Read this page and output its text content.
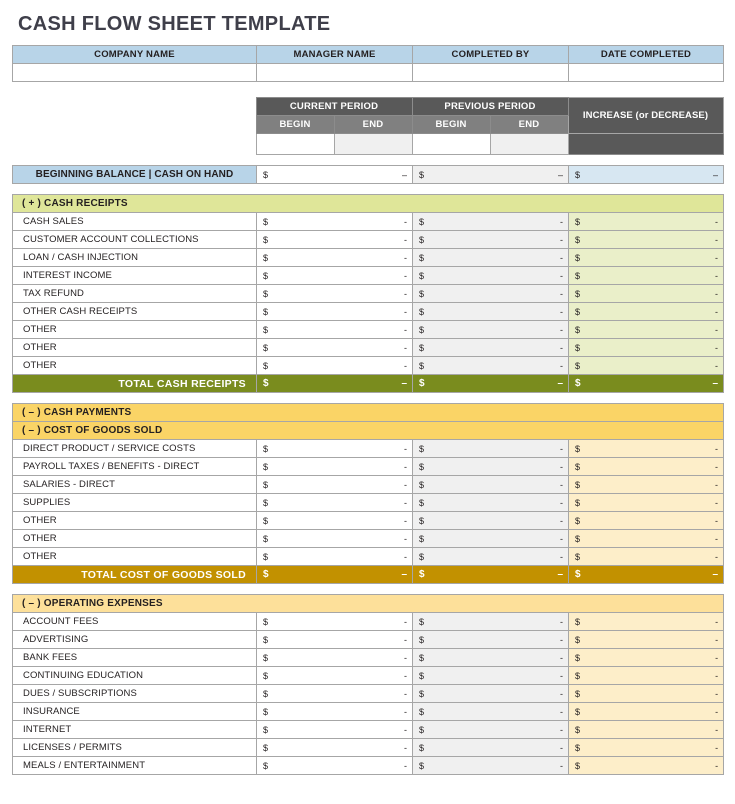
CASH FLOW SHEET TEMPLATE
COMPANY NAME	MANAGER NAME	COMPLETED BY	DATE COMPLETED

	CURRENT PERIOD		PREVIOUS PERIOD		INCREASE (or DECREASE)
	BEGIN	END	BEGIN	END	

BEGINNING BALANCE | CASH ON HAND	$	–	$	–	$	–
( + ) CASH RECEIPTS			
CASH SALES	$ -	$ -	$ -

CUSTOMER ACCOUNT COLLECTIONS	$ -	$ -	$ -

LOAN / CASH INJECTION	$ -	$ -	$ -

INTEREST INCOME	$ -	$ -	$ -

TAX REFUND	$ -	$ -	$ -

OTHER CASH RECEIPTS	$ -	$ -	$ -

OTHER	$ -	$ -	$ -

OTHER	$ -	$ -	$ -

OTHER	$ -	$ -	$ -

TOTAL CASH RECEIPTS	$ –	$ –	$ –
( – ) CASH PAYMENTS			
( – ) COST OF GOODS SOLD			
DIRECT PRODUCT / SERVICE COSTS	$ -	$ -	$ -

PAYROLL TAXES / BENEFITS - DIRECT	$ -	$ -	$ -

SALARIES - DIRECT	$ -	$ -	$ -

SUPPLIES	$ -	$ -	$ -

OTHER	$ -	$ -	$ -

OTHER	$ -	$ -	$ -

OTHER	$ -	$ -	$ -

TOTAL COST OF GOODS SOLD	$ –	$ –	$ –
( – ) OPERATING EXPENSES			
ACCOUNT FEES	$ -	$ -	$ -

ADVERTISING	$ -	$ -	$ -

BANK FEES	$ -	$ -	$ -

CONTINUING EDUCATION	$ -	$ -	$ -

DUES / SUBSCRIPTIONS	$ -	$ -	$ -

INSURANCE	$ -	$ -	$ -

INTERNET	$ -	$ -	$ -

LICENSES / PERMITS	$ -	$ -	$ -

MEALS / ENTERTAINMENT	$ -	$ -	$ -
